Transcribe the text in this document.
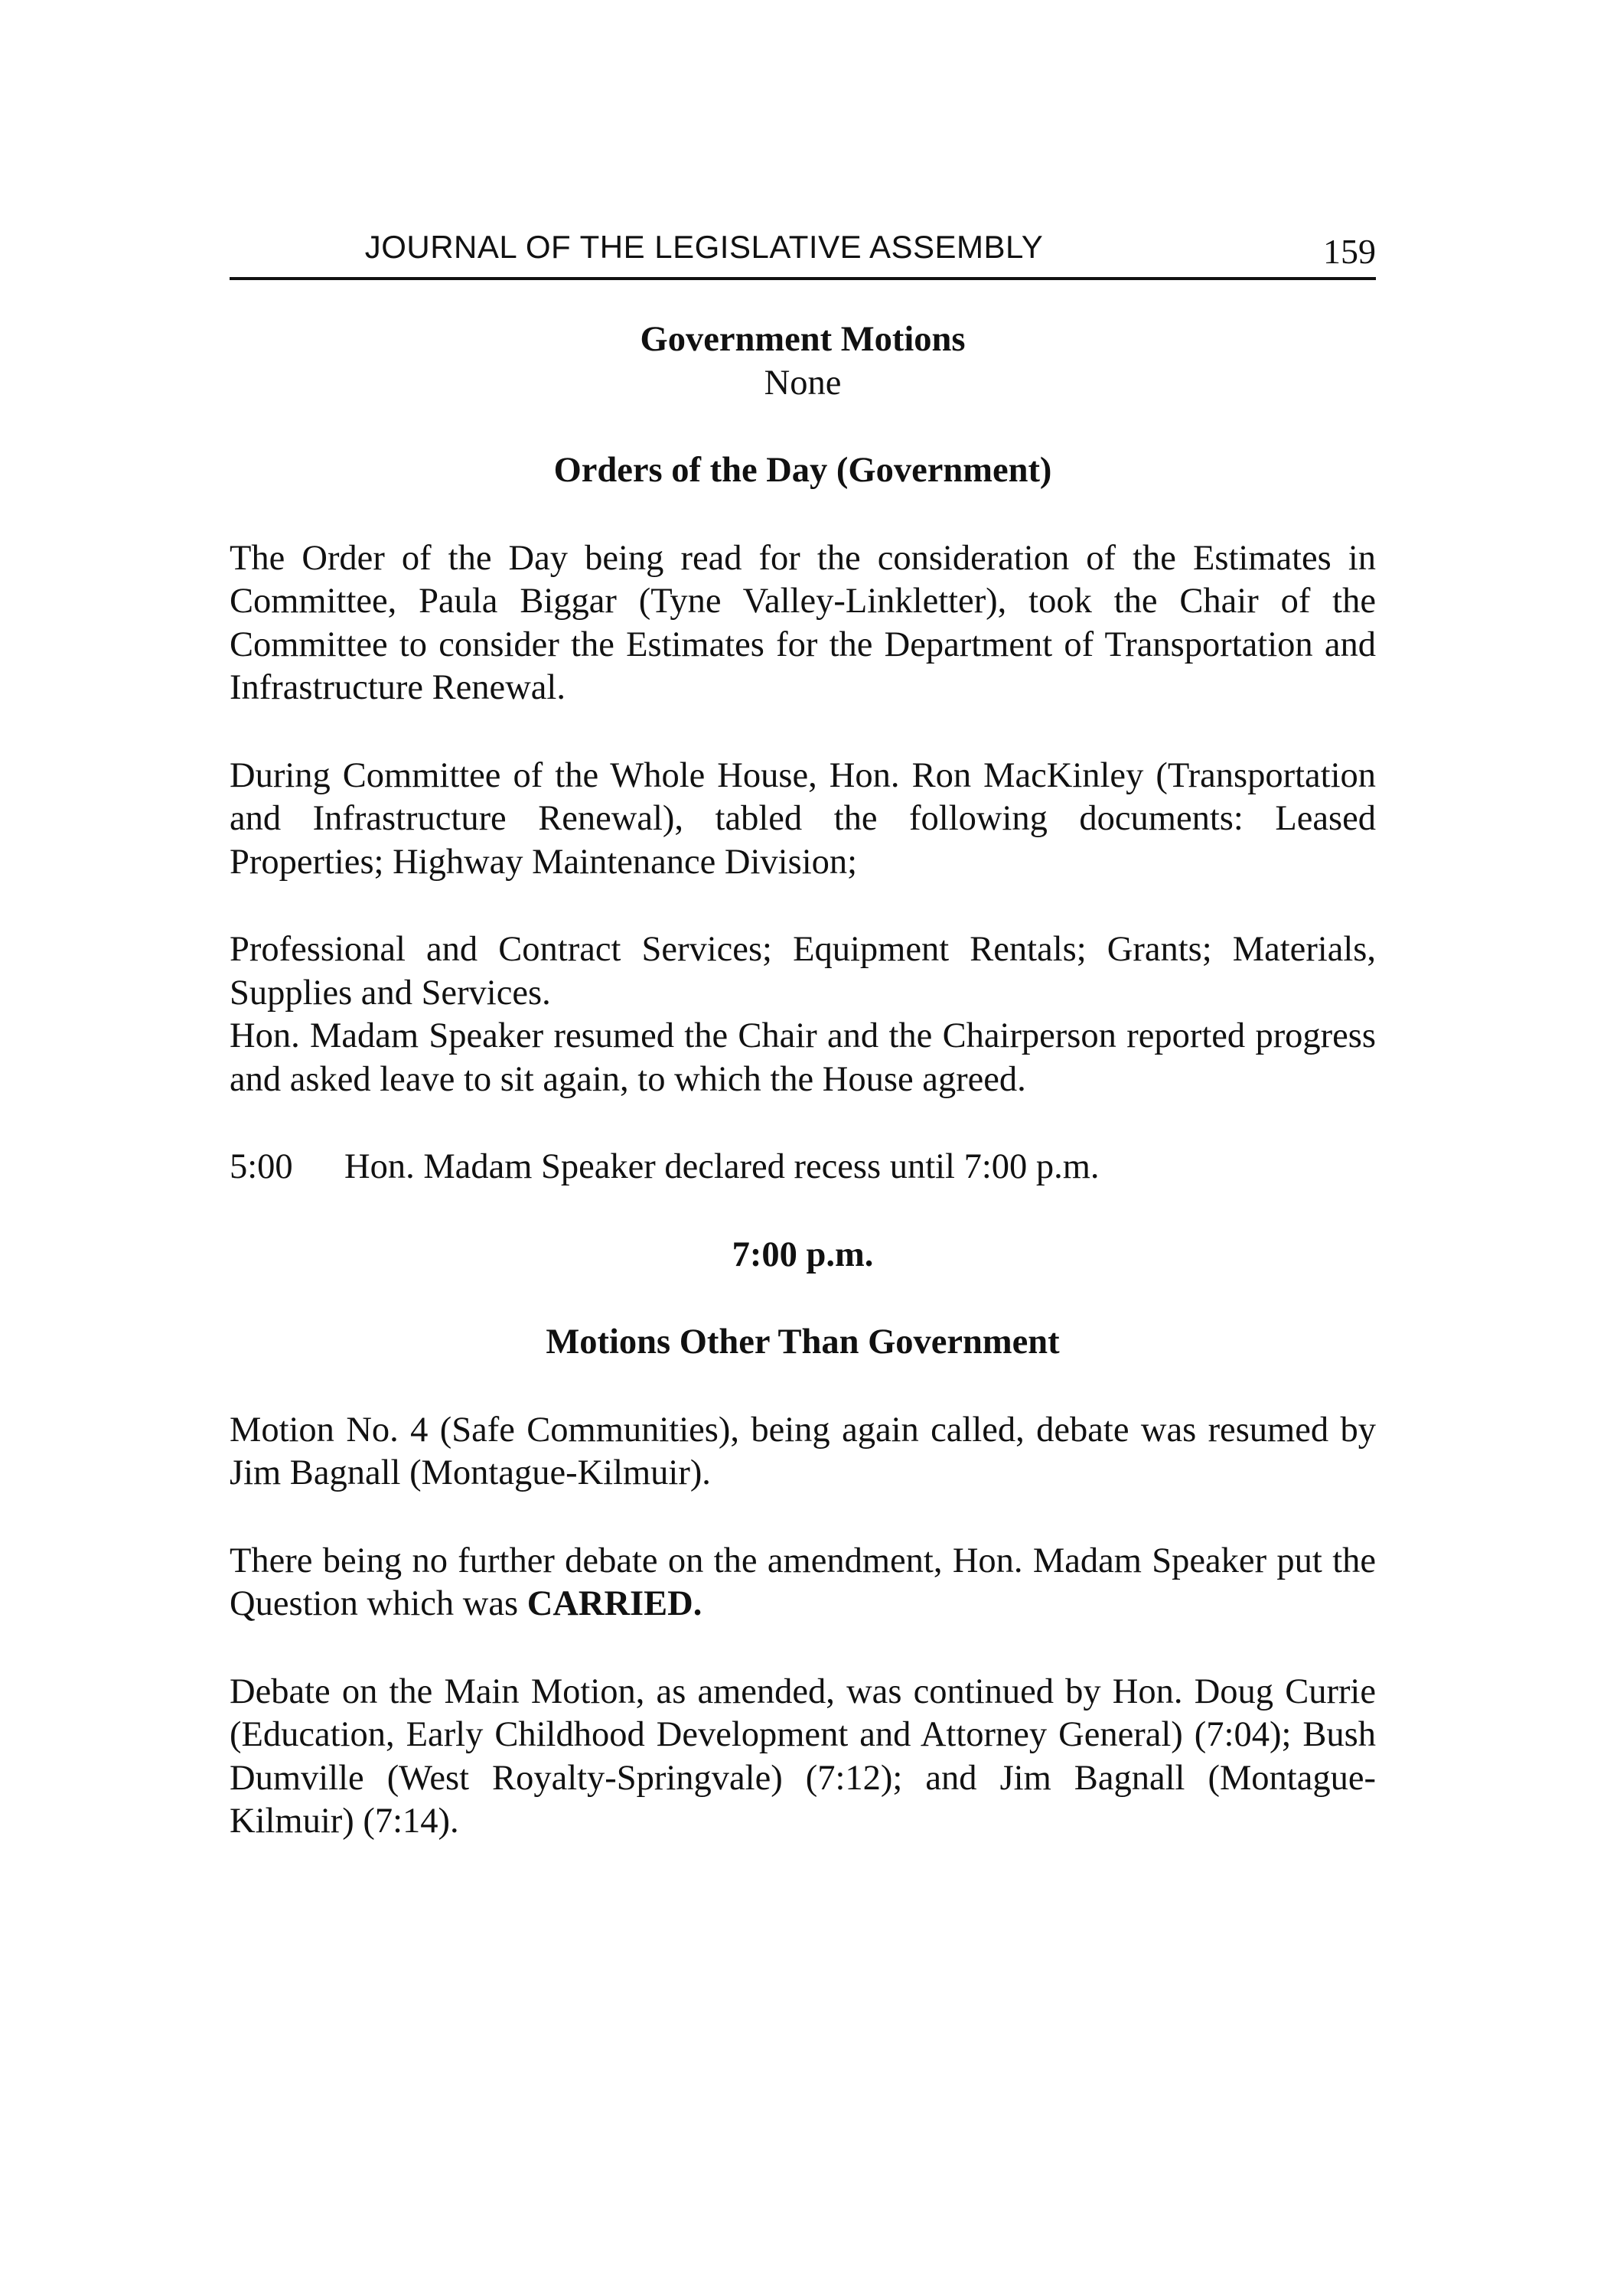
JOURNAL OF THE LEGISLATIVE ASSEMBLY	159
Government Motions
None
Orders of the Day (Government)

The Order of the Day being read for the consideration of the Estimates in Committee, Paula Biggar (Tyne Valley-Linkletter), took the Chair of the Committee to consider the Estimates for the Department of Transportation and Infrastructure Renewal.

During Committee of the Whole House, Hon. Ron MacKinley (Transportation and Infrastructure Renewal), tabled the following documents: Leased Properties; Highway Maintenance Division;

Professional and Contract Services; Equipment Rentals; Grants; Materials, Supplies and Services.

Hon. Madam Speaker resumed the Chair and the Chairperson reported progress and asked leave to sit again, to which the House agreed.

5:00	Hon. Madam Speaker declared recess until 7:00 p.m.
7:00 p.m.
Motions Other Than Government

Motion No. 4 (Safe Communities), being again called, debate was resumed by Jim Bagnall (Montague-Kilmuir).

There being no further debate on the amendment, Hon. Madam Speaker put the Question which was CARRIED.

Debate on the Main Motion, as amended, was continued by Hon. Doug Currie (Education, Early Childhood Development and Attorney General) (7:04); Bush Dumville (West Royalty-Springvale) (7:12); and Jim Bagnall (Montague-Kilmuir) (7:14).
